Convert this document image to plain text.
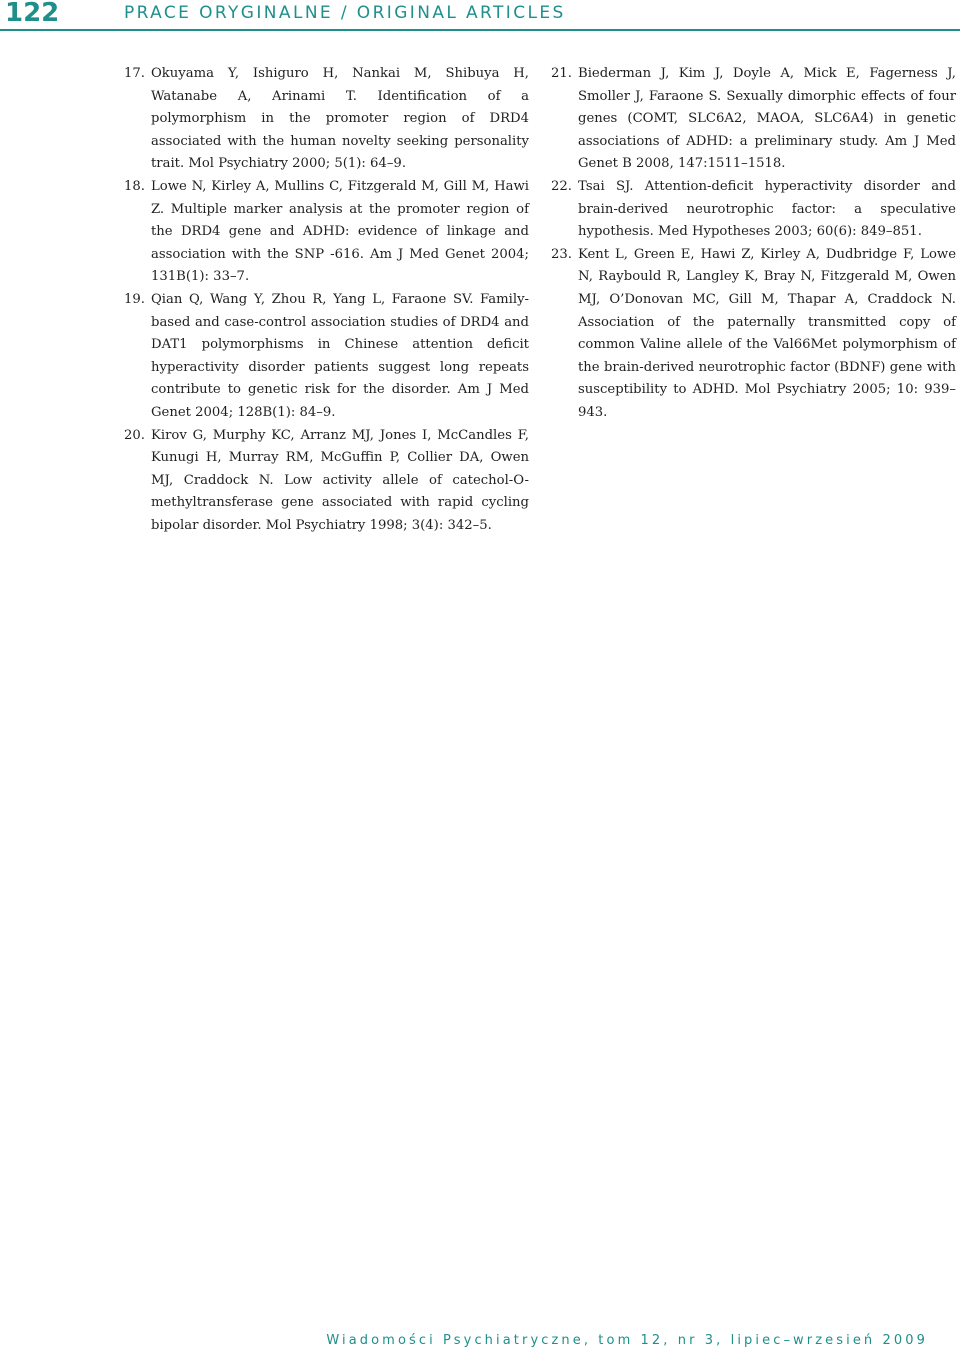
122	PRACE ORYGINALNE / ORIGINAL ARTICLES

17. Okuyama Y, Ishiguro H, Nankai M, Shibuya H, Watanabe A, Arinami T. Identification of a polymorphism in the promoter region of DRD4 associated with the human novelty seeking personality trait. Mol Psychiatry 2000; 5(1): 64–9.

18. Lowe N, Kirley A, Mullins C, Fitzgerald M, Gill M, Hawi Z. Multiple marker analysis at the promoter region of the DRD4 gene and ADHD: evidence of linkage and association with the SNP -616. Am J Med Genet 2004; 131B(1): 33–7.

19. Qian Q, Wang Y, Zhou R, Yang L, Faraone SV. Family-based and case-control association studies of DRD4 and DAT1 polymorphisms in Chinese attention deficit hyperactivity disorder patients suggest long repeats contribute to genetic risk for the disorder. Am J Med Genet 2004; 128B(1): 84–9.

20. Kirov G, Murphy KC, Arranz MJ, Jones I, McCandles F, Kunugi H, Murray RM, McGuffin P, Collier DA, Owen MJ, Craddock N. Low activity allele of catechol-O-methyltransferase gene associated with rapid cycling bipolar disorder. Mol Psychiatry 1998; 3(4): 342–5.

21. Biederman J, Kim J, Doyle A, Mick E, Fagerness J, Smoller J, Faraone S. Sexually dimorphic effects of four genes (COMT, SLC6A2, MAOA, SLC6A4) in genetic associations of ADHD: a preliminary study. Am J Med Genet B 2008, 147:1511–1518.

22. Tsai SJ. Attention-deficit hyperactivity disorder and brain-derived neurotrophic factor: a speculative hypothesis. Med Hypotheses 2003; 60(6): 849–851.

23. Kent L, Green E, Hawi Z, Kirley A, Dudbridge F, Lowe N, Raybould R, Langley K, Bray N, Fitzgerald M, Owen MJ, O’Donovan MC, Gill M, Thapar A, Craddock N. Association of the paternally transmitted copy of common Valine allele of the Val66Met polymorphism of the brain-derived neurotrophic factor (BDNF) gene with susceptibility to ADHD. Mol Psychiatry 2005; 10: 939–943.

Wiadomości Psychiatryczne, tom 12, nr 3, lipiec–wrzesień 2009
